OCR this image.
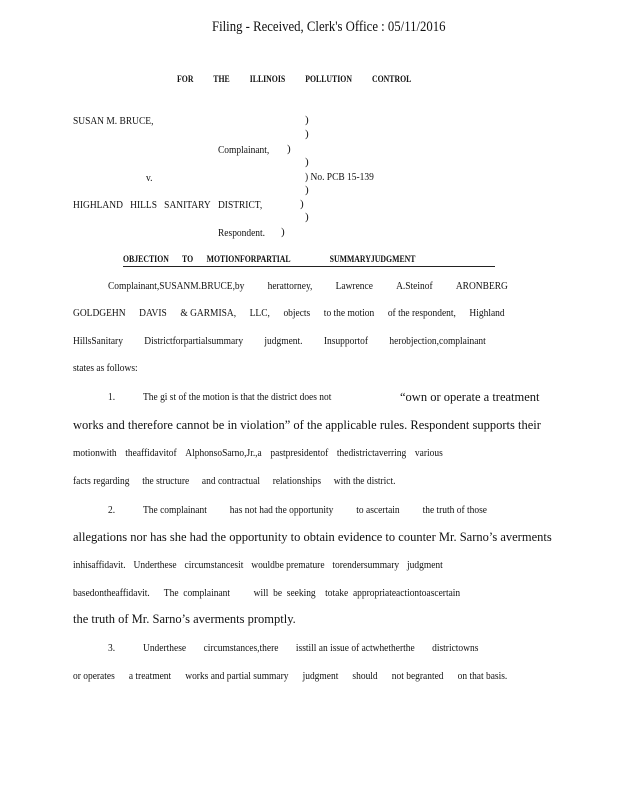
Filing - Received, Clerk's Office : 05/11/2016
FOR THE ILLINOIS POLLUTION CONTROL
SUSAN M. BRUCE,	)
)
Complainant, )
)
v.	) No. PCB 15-139
)
HIGHLAND HILLS SANITARY DISTRICT,	)
)
Respondent. )
OBJECTION	TO	MOTIONFORPARTIAL	SUMMARYJUDGMENT
Complainant,SUSANM.BRUCE,by herattorney, Lawrence A.Steinof ARONBERG
GOLDGEHN DAVIS & GARMISA, LLC, objects to the motion of the respondent, Highland
HillsSanitary Districtforpartialsummary judgment. Insupportof herobjection,complainant
states as follows:
1.	The gi st of the motion is that the district does not	“own or operate a treatment
works and therefore cannot be in violation” of the applicable rules. Respondent supports their
motionwith theaffidavitof AlphonsoSarno,Jr.,a pastpresidentof thedistrictaverring various
facts regarding the structure and contractual relationships with the district.
2.	The complainant has not had the opportunity to ascertain the truth of those
allegations nor has she had the opportunity to obtain evidence to counter Mr. Sarno’s averments
inhisaffidavit. Underthese circumstancesit wouldbe premature torendersummary judgment
basedontheaffidavit.      The  complainant          will  be  seeking    totake  appropriateactiontoascertain
the truth of Mr. Sarno’s averments promptly.
3.	Underthese circumstances,there isstill an issue of actwhetherthe districtowns
or operates a treatment works and partial summary judgment should not begranted on that basis.
